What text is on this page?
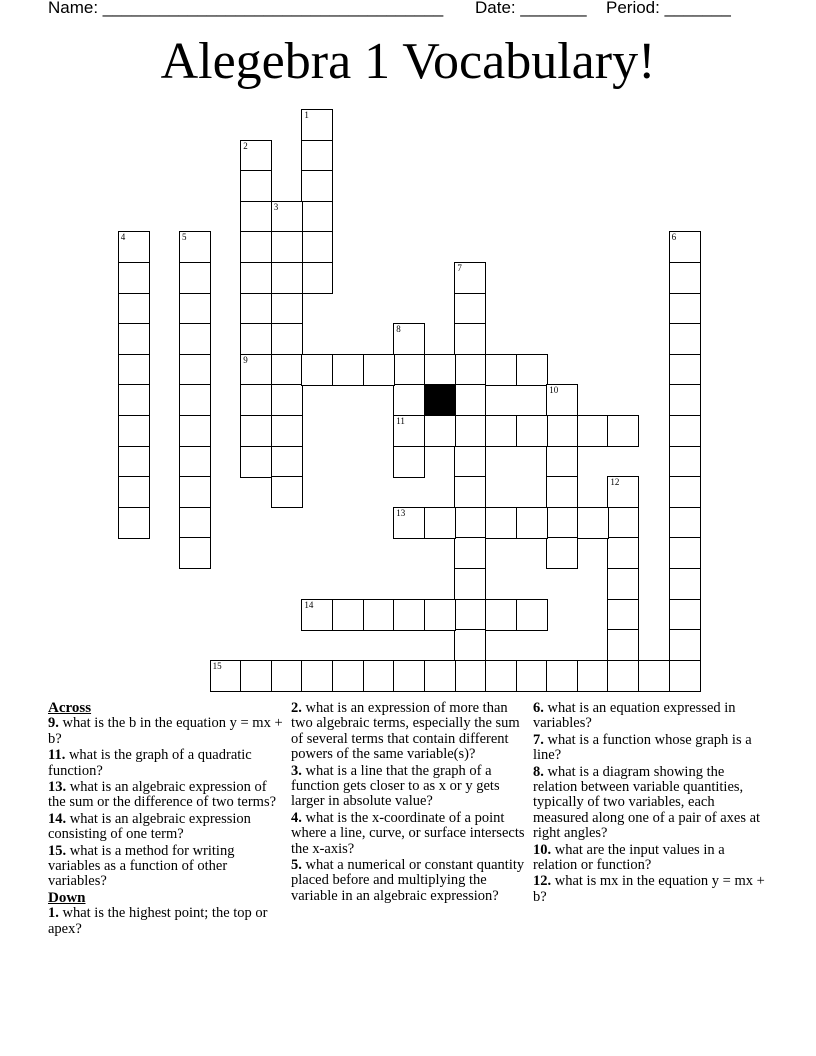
Name: ____________________________________ Date: _______ Period: _______
Alegebra 1 Vocabulary!
1
2
9
3
4	5	6
7
8
11
10
12
13
14
15
Across
9. what is the b in the equation y = mx + b?
11. what is the graph of a quadratic function?
13. what is an algebraic expression of the sum or the difference of two terms?
14. what is an algebraic expression consisting of one term?
15. what is a method for writing variables as a function of other variables?
Down
1. what is the highest point; the top or apex?
2. what is an expression of more than two algebraic terms, especially the sum of several terms that contain different powers of the same variable(s)?
3. what is a line that the graph of a function gets closer to as x or y gets larger in absolute value?
4. what is the x-coordinate of a point where a line, curve, or surface intersects the x-axis?
5. what a numerical or constant quantity placed before and multiplying the variable in an algebraic expression?
6. what is an equation expressed in variables?
7. what is a function whose graph is a line?
8. what is a diagram showing the relation between variable quantities, typically of two variables, each measured along one of a pair of axes at right angles?
10. what are the input values in a relation or function?
12. what is mx in the equation y = mx + b?
